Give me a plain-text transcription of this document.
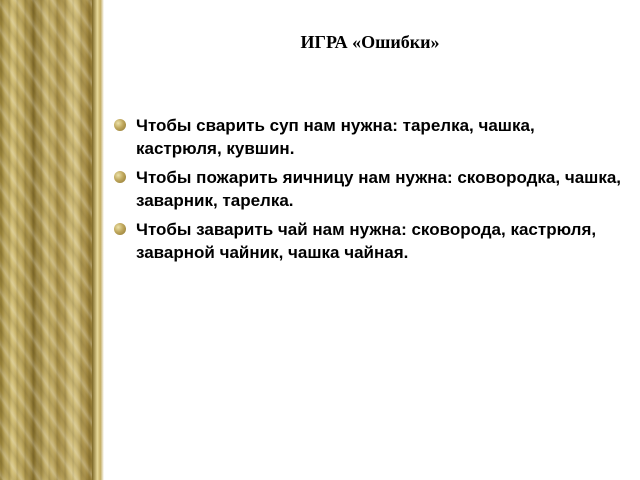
ИГРА «Ошибки»
Чтобы сварить суп нам нужна: тарелка, чашка, кастрюля, кувшин.
Чтобы пожарить яичницу нам нужна: сковородка, чашка, заварник, тарелка.
Чтобы заварить чай нам нужна: сковорода, кастрюля, заварной чайник, чашка чайная.
